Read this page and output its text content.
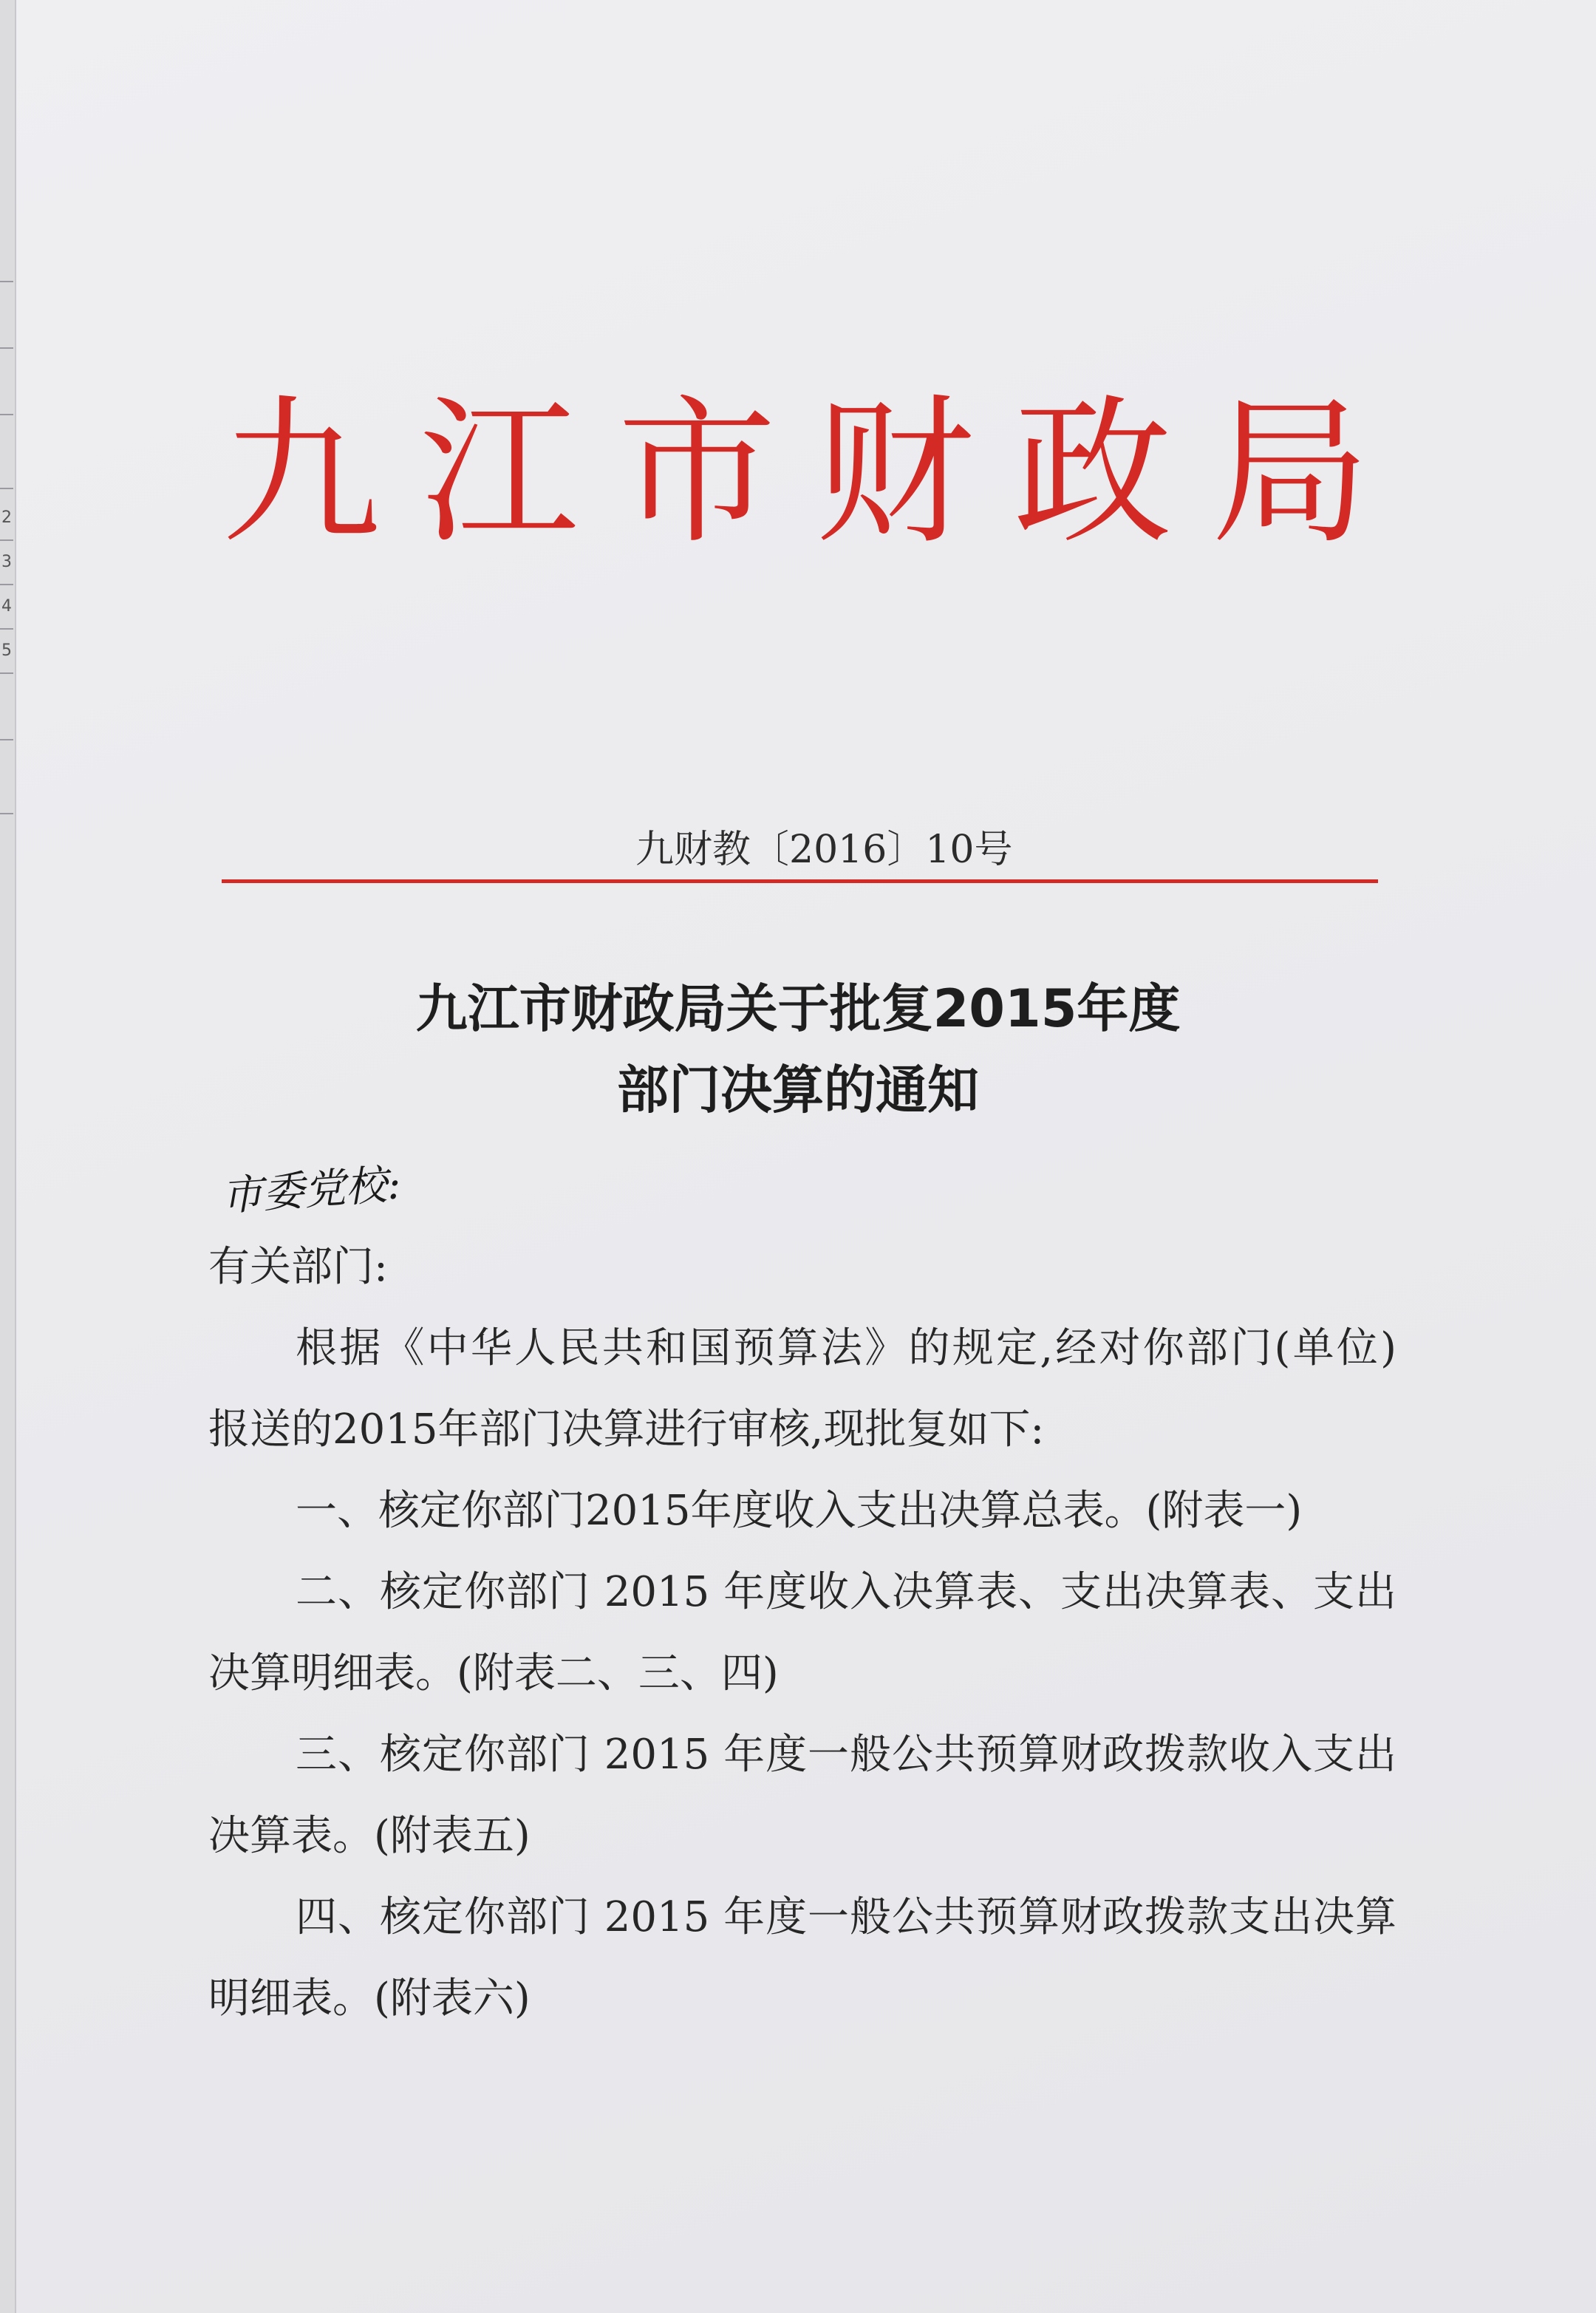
2
3
4
5
九江市财政局
九财教〔2016〕10号
九江市财政局关于批复2015年度
部门决算的通知
市委党校:
有关部门:
根据《中华人民共和国预算法》的规定,经对你部门(单位)
报送的2015年部门决算进行审核,现批复如下:
一、核定你部门2015年度收入支出决算总表。(附表一)
二、核定你部门 2015 年度收入决算表、支出决算表、支出
决算明细表。(附表二、三、四)
三、核定你部门 2015 年度一般公共预算财政拨款收入支出
决算表。(附表五)
四、核定你部门 2015 年度一般公共预算财政拨款支出决算
明细表。(附表六)
